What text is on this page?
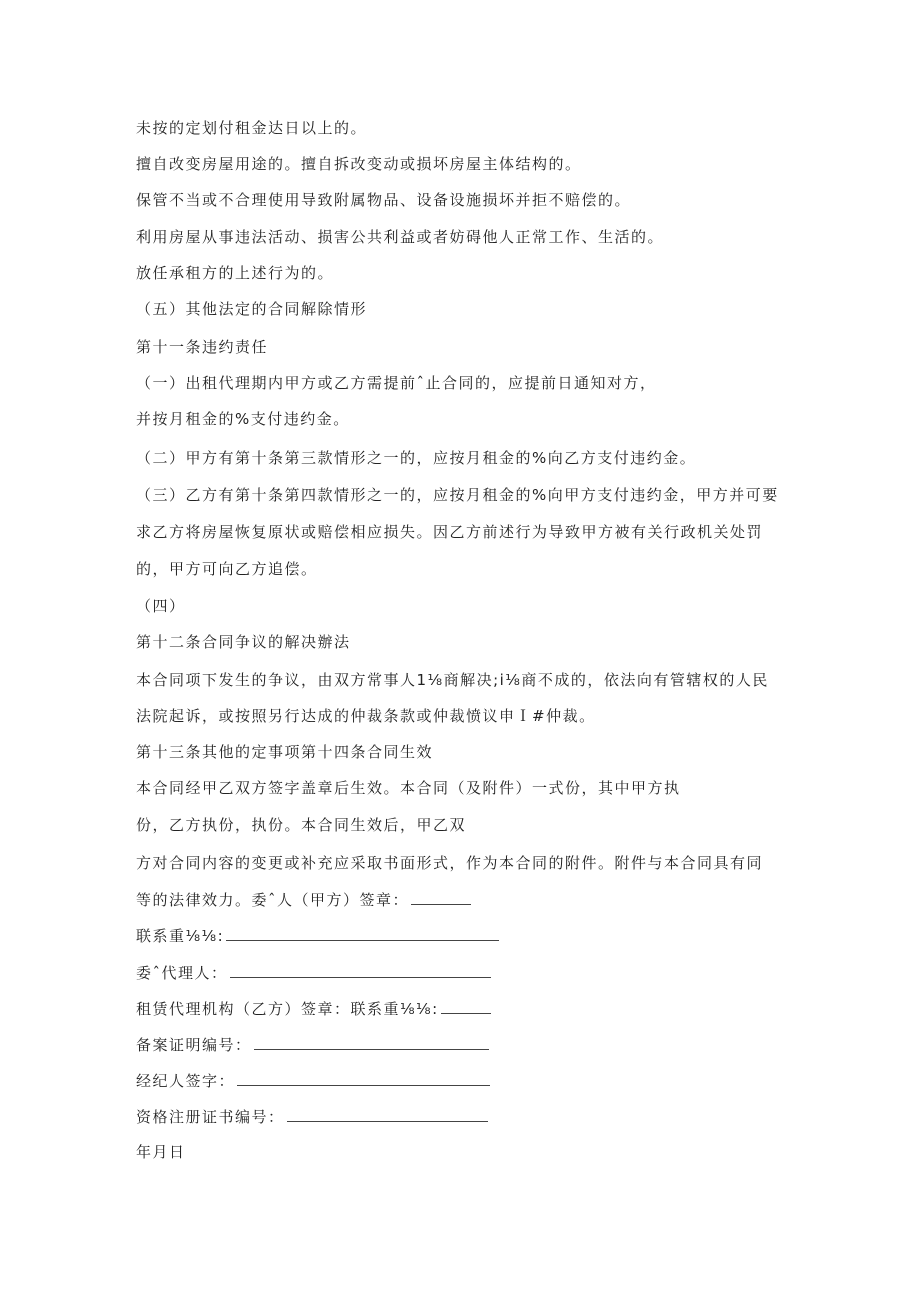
未按的定划付租金达日以上的。
擅自改变房屋用途的。擅自拆改变动或损坏房屋主体结构的。
保管不当或不合理使用导致附属物品、设备设施损坏并拒不赔偿的。
利用房屋从事违法活动、损害公共利益或者妨碍他人正常工作、生活的。
放任承租方的上述行为的。
（五）其他法定的合同解除情形
第十一条违约责任
（一）出租代理期内甲方或乙方需提前ˆ止合同的，应提前日通知对方，
并按月租金的%支付违约金。
（二）甲方有第十条第三款情形之一的，应按月租金的%向乙方支付违约金。
（三）乙方有第十条第四款情形之一的，应按月租金的%向甲方支付违约金，甲方并可要
求乙方将房屋恢复原状或赔偿相应损失。因乙方前述行为导致甲方被有关行政机关处罚
的，甲方可向乙方追偿。
（四）
第十二条合同争议的解决辦法
本合同项下发生的争议，由双方常事人1⅛商解决;i⅛商不成的，依法向有管辖权的人民
法院起诉，或按照另行达成的仲裁条款或仲裁愤议申Ｉ#仲裁。
第十三条其他的定事项第十四条合同生效
本合同经甲乙双方签字盖章后生效。本合同（及附件）一式份，其中甲方执
份，乙方执份，执份。本合同生效后，甲乙双
方对合同内容的变更或补充应采取书面形式，作为本合同的附件。附件与本合同具有同
等的法律效力。委ˆ人（甲方）签章：
联系重⅛⅛:
委ˆ代理人：
租赁代理机构（乙方）签章：联系重⅛⅛:
备案证明编号：
经纪人签字：
资格注册证书编号：
年月日
